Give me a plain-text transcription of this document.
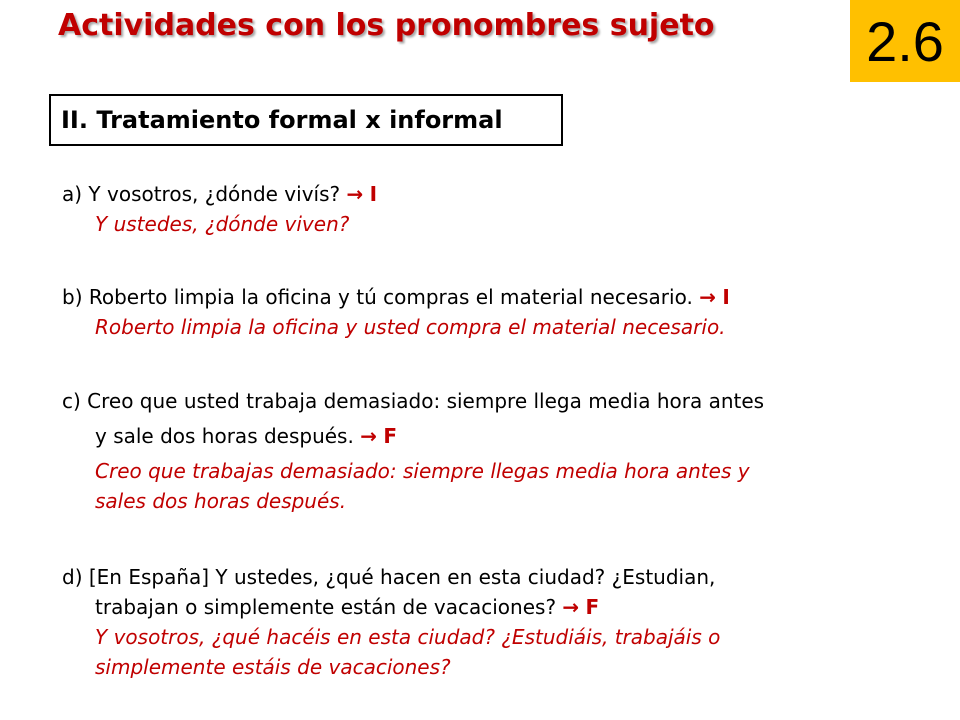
Actividades con los pronombres sujeto	2.6
II. Tratamiento formal x informal
a) Y vosotros, ¿dónde vivís? → I
Y ustedes, ¿dónde viven?
b) Roberto limpia la oficina y tú compras el material necesario. → I
Roberto limpia la oficina y usted compra el material necesario.
c) Creo que usted trabaja demasiado: siempre llega media hora antes
y sale dos horas después. → F
Creo que trabajas demasiado: siempre llegas media hora antes y
sales dos horas después.
d) [En España] Y ustedes, ¿qué hacen en esta ciudad? ¿Estudian,
trabajan o simplemente están de vacaciones? → F
Y vosotros, ¿qué hacéis en esta ciudad? ¿Estudiáis, trabajáis o
simplemente estáis de vacaciones?
